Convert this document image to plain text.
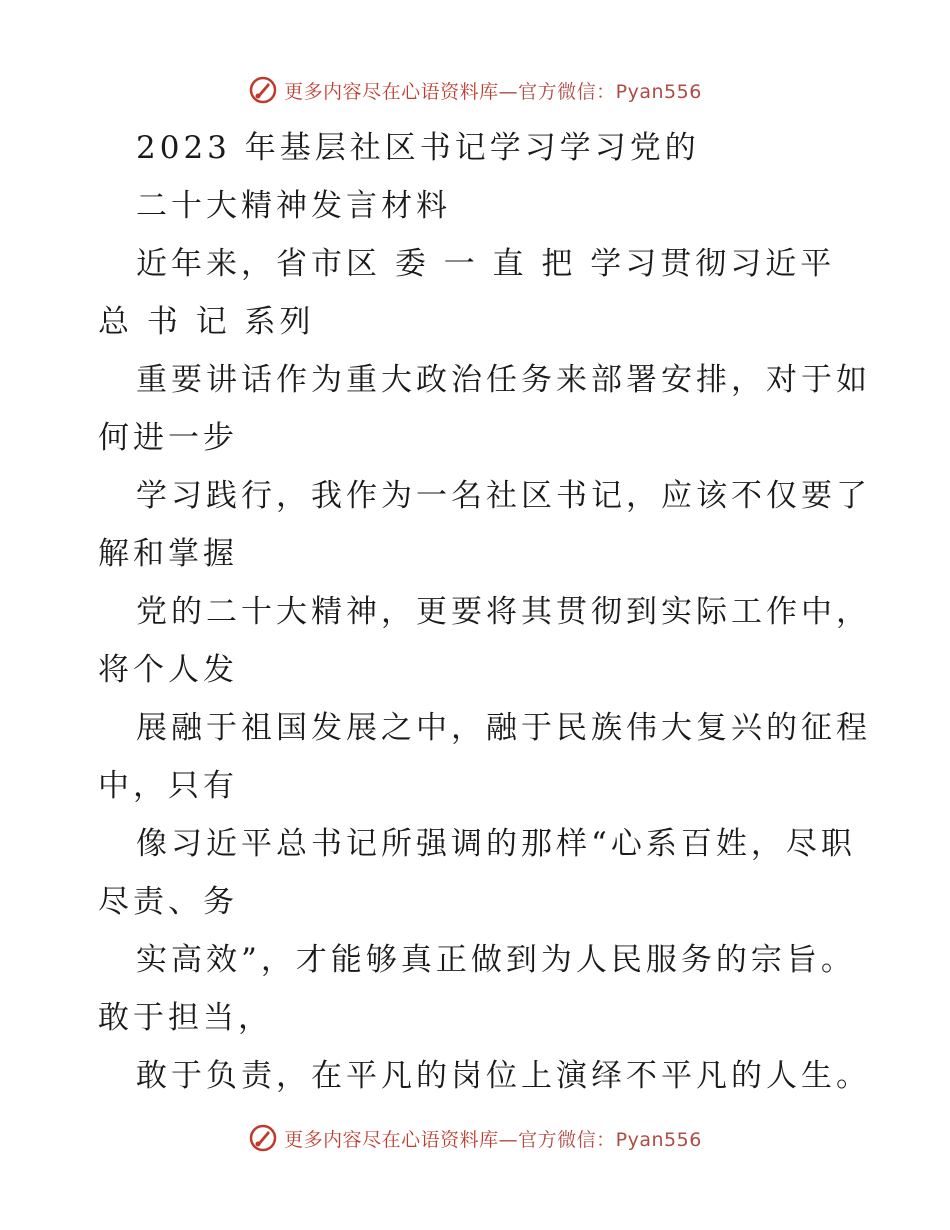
更多内容尽在心语资料库—官方微信：Pyan556
2023 年基层社区书记学习学习党的
二十大精神发言材料
近年来，省市区 委 一 直 把 学习贯彻习近平
总 书 记 系列
重要讲话作为重大政治任务来部署安排，对于如
何进一步
学习践行，我作为一名社区书记，应该不仅要了
解和掌握
党的二十大精神，更要将其贯彻到实际工作中，
将个人发
展融于祖国发展之中，融于民族伟大复兴的征程
中，只有
像习近平总书记所强调的那样“心系百姓，尽职
尽责、务
实高效”，才能够真正做到为人民服务的宗旨。
敢于担当，
敢于负责，在平凡的岗位上演绎不平凡的人生。
更多内容尽在心语资料库—官方微信：Pyan556
